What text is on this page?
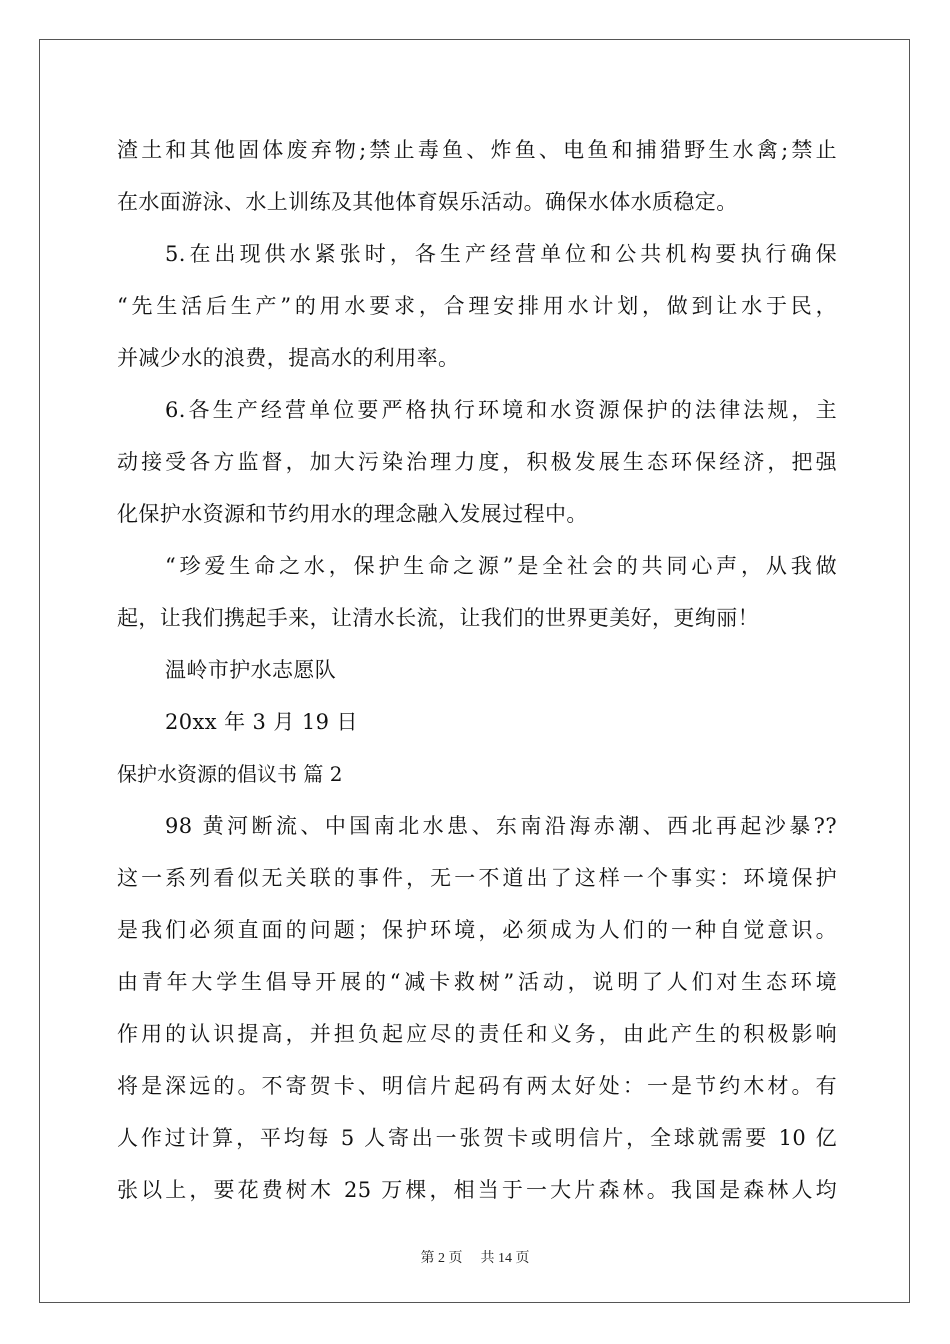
渣土和其他固体废弃物;禁止毒鱼、炸鱼、电鱼和捕猎野生水禽;禁止
在水面游泳、水上训练及其他体育娱乐活动。确保水体水质稳定。
5.在出现供水紧张时，各生产经营单位和公共机构要执行确保
“先生活后生产”的用水要求，合理安排用水计划，做到让水于民，
并减少水的浪费，提高水的利用率。
6.各生产经营单位要严格执行环境和水资源保护的法律法规，主
动接受各方监督，加大污染治理力度，积极发展生态环保经济，把强
化保护水资源和节约用水的理念融入发展过程中。
“珍爱生命之水，保护生命之源”是全社会的共同心声，从我做
起，让我们携起手来，让清水长流，让我们的世界更美好，更绚丽！
温岭市护水志愿队
20xx 年 3 月 19 日
保护水资源的倡议书 篇 2
98 黄河断流、中国南北水患、东南沿海赤潮、西北再起沙暴??
这一系列看似无关联的事件，无一不道出了这样一个事实：环境保护
是我们必须直面的问题；保护环境，必须成为人们的一种自觉意识。
由青年大学生倡导开展的“减卡救树”活动，说明了人们对生态环境
作用的认识提高，并担负起应尽的责任和义务，由此产生的积极影响
将是深远的。不寄贺卡、明信片起码有两太好处：一是节约木材。有
人作过计算，平均每 5 人寄出一张贺卡或明信片，全球就需要 10 亿
张以上，要花费树木 25 万棵，相当于一大片森林。我国是森林人均
第 2 页 共 14 页
